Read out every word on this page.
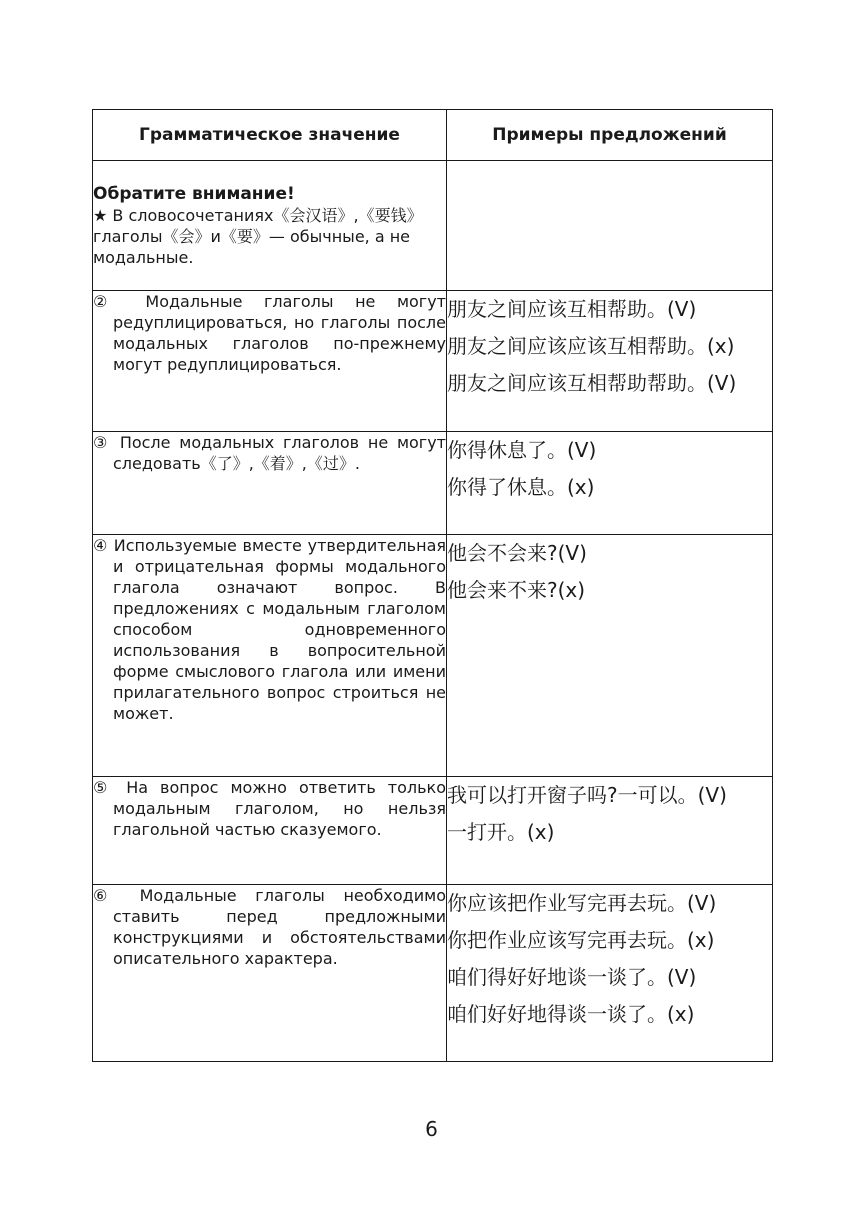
Грамматическое значение	Примеры предложений

Обратите внимание!
★ В словосочетаниях《会汉语》,《要钱》глаголы《会》и《要》— обычные, а не модальные.	

② Модальные глаголы не могут редуплицироваться, но глаголы после модальных глаголов по-прежнему могут редуплицироваться.	朋友之间应该互相帮助。(V)
朋友之间应该应该互相帮助。(x)
朋友之间应该互相帮助帮助。(V)

③ После модальных глаголов не могут следовать《了》,《着》,《过》.	你得休息了。(V)
你得了休息。(x)

④ Используемые вместе утвердительная и отрицательная формы модального глагола означают вопрос. В предложениях с модальным глаголом способом одновременного использования в вопросительной форме смыслового глагола или имени прилагательного вопрос строиться не может.	他会不会来?(V)
他会来不来?(x)

⑤ На вопрос можно ответить только модальным глаголом, но нельзя глагольной частью сказуемого.	我可以打开窗子吗?一可以。(V)
一打开。(x)

⑥ Модальные глаголы необходимо ставить перед предложными конструкциями и обстоятельствами описательного характера.	你应该把作业写完再去玩。(V)
你把作业应该写完再去玩。(x)
咱们得好好地谈一谈了。(V)
咱们好好地得谈一谈了。(x)
6
